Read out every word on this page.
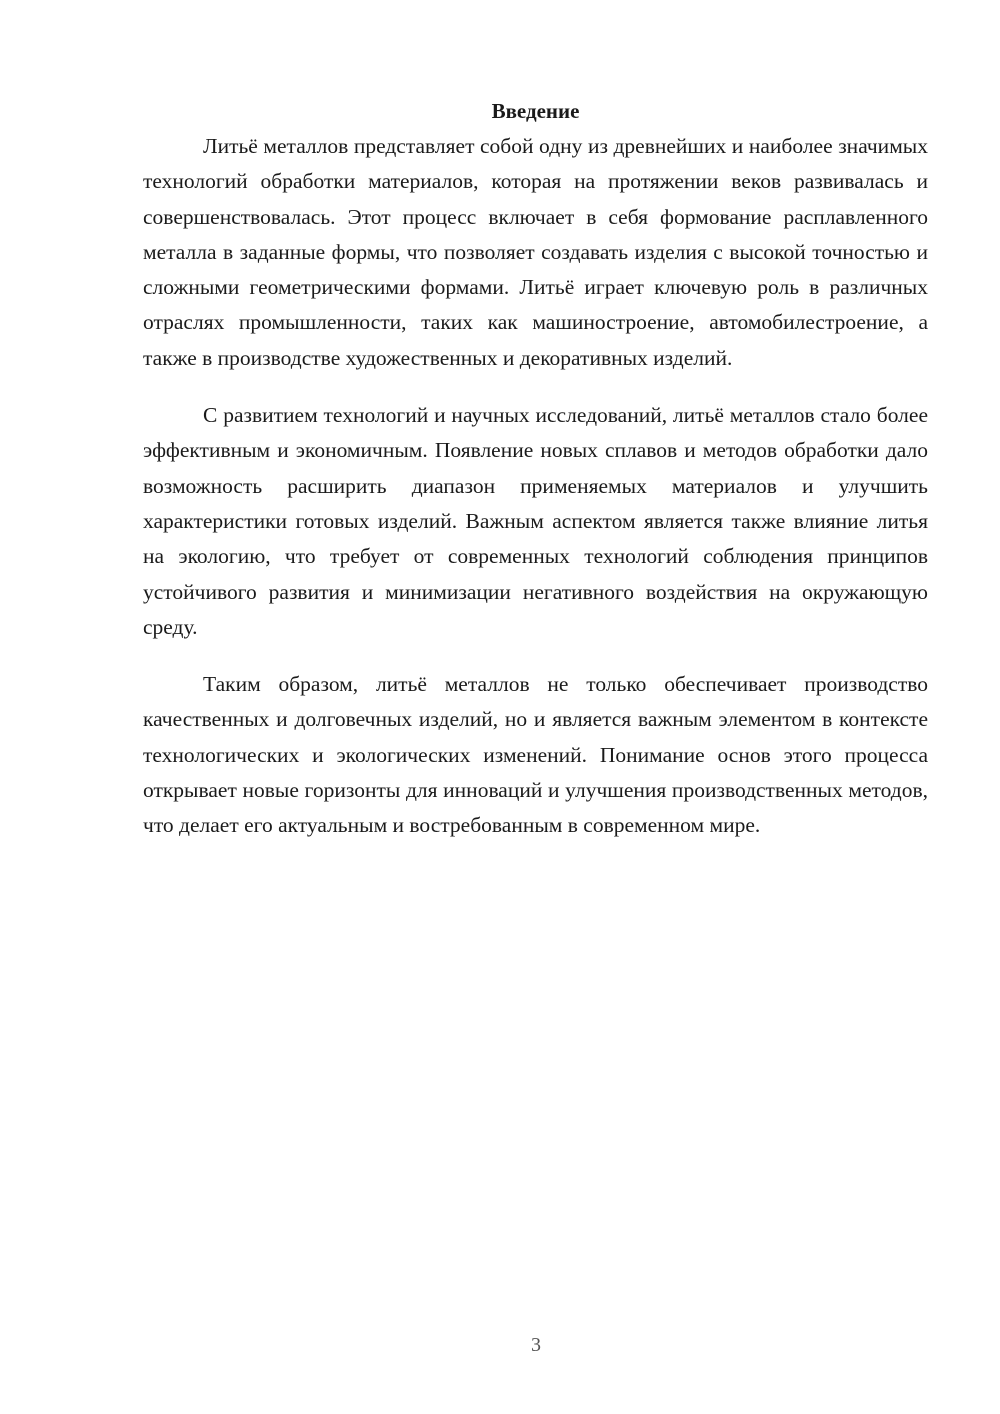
Введение

Литьё металлов представляет собой одну из древнейших и наиболее значимых технологий обработки материалов, которая на протяжении веков развивалась и совершенствовалась. Этот процесс включает в себя формование расплавленного металла в заданные формы, что позволяет создавать изделия с высокой точностью и сложными геометрическими формами. Литьё играет ключевую роль в различных отраслях промышленности, таких как машиностроение, автомобилестроение, а также в производстве художественных и декоративных изделий.

С развитием технологий и научных исследований, литьё металлов стало более эффективным и экономичным. Появление новых сплавов и методов обработки дало возможность расширить диапазон применяемых материалов и улучшить характеристики готовых изделий. Важным аспектом является также влияние литья на экологию, что требует от современных технологий соблюдения принципов устойчивого развития и минимизации негативного воздействия на окружающую среду.

Таким образом, литьё металлов не только обеспечивает производство качественных и долговечных изделий, но и является важным элементом в контексте технологических и экологических изменений. Понимание основ этого процесса открывает новые горизонты для инноваций и улучшения производственных методов, что делает его актуальным и востребованным в современном мире.

3
